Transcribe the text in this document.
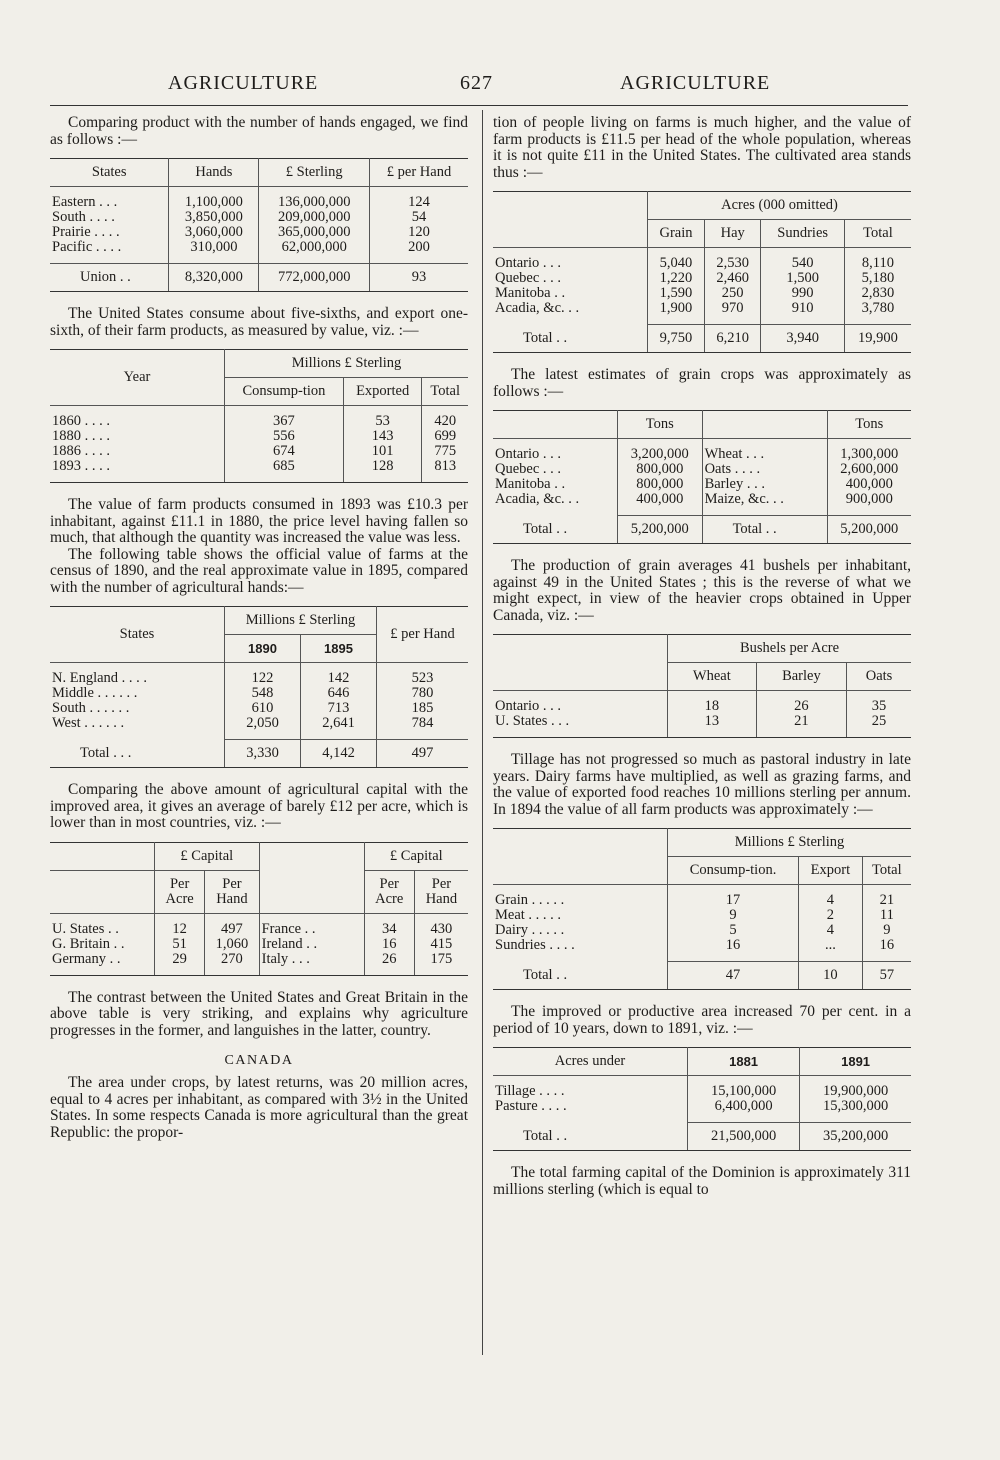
AGRICULTURE	627	AGRICULTURE

Comparing product with the number of hands engaged, we find as follows :—

States	Hands	£ Sterling	£ per Hand

Eastern . . .	1,100,000	136,000,000	124
South . . . .	3,850,000	209,000,000	54
Prairie . . . .	3,060,000	365,000,000	120
Pacific . . . .	310,000	62,000,000	200

Union . .	8,320,000	772,000,000	93

The United States consume about five-sixths, and export one-sixth, of their farm products, as measured by value, viz. :—

Year	Millions £ Sterling		
	Consump-tion	Exported	Total

1860 . . . .	367	53	420
1880 . . . .	556	143	699
1886 . . . .	674	101	775
1893 . . . .	685	128	813

The value of farm products consumed in 1893 was £10.3 per inhabitant, against £11.1 in 1880, the price level having fallen so much, that although the quantity was increased the value was less.

The following table shows the official value of farms at the census of 1890, and the real approximate value in 1895, compared with the number of agricultural hands:—

States	Millions £ Sterling		£ per Hand
	1890	1895	

N. England . . . .	122	142	523
Middle . . . . . .	548	646	780
South . . . . . .	610	713	185
West . . . . . .	2,050	2,641	784

Total . . .	3,330	4,142	497

Comparing the above amount of agricultural capital with the improved area, it gives an average of barely £12 per acre, which is lower than in most countries, viz. :—

	£ Capital			£ Capital	
	Per Acre	Per Hand		Per Acre	Per Hand

U. States . .	12	497	France . .	34	430
G. Britain . .	51	1,060	Ireland . .	16	415
Germany . .	29	270	Italy . . .	26	175

The contrast between the United States and Great Britain in the above table is very striking, and explains why agriculture progresses in the former, and languishes in the latter, country.

CANADA

The area under crops, by latest returns, was 20 million acres, equal to 4 acres per inhabitant, as compared with 3½ in the United States. In some respects Canada is more agricultural than the great Republic: the propor-

tion of people living on farms is much higher, and the value of farm products is £11.5 per head of the whole population, whereas it is not quite £11 in the United States. The cultivated area stands thus :—

	Acres (000 omitted)			
	Grain	Hay	Sundries	Total

Ontario . . .	5,040	2,530	540	8,110
Quebec . . .	1,220	2,460	1,500	5,180
Manitoba . .	1,590	250	990	2,830
Acadia, &c. . .	1,900	970	910	3,780

Total . .	9,750	6,210	3,940	19,900

The latest estimates of grain crops was approximately as follows :—

	Tons		Tons

Ontario . . .	3,200,000	Wheat . . .	1,300,000
Quebec . . .	800,000	Oats . . . .	2,600,000
Manitoba . .	800,000	Barley . . .	400,000
Acadia, &c. . .	400,000	Maize, &c. . .	900,000

Total . .	5,200,000	Total . .	5,200,000

The production of grain averages 41 bushels per inhabitant, against 49 in the United States ; this is the reverse of what we might expect, in view of the heavier crops obtained in Upper Canada, viz. :—

	Bushels per Acre		
	Wheat	Barley	Oats

Ontario . . .	18	26	35
U. States . . .	13	21	25

Tillage has not progressed so much as pastoral industry in late years. Dairy farms have multiplied, as well as grazing farms, and the value of exported food reaches 10 millions sterling per annum. In 1894 the value of all farm products was approximately :—

	Millions £ Sterling		
	Consump-tion.	Export	Total

Grain . . . . .	17	4	21
Meat . . . . .	9	2	11
Dairy . . . . .	5	4	9
Sundries . . . .	16	...	16

Total . .	47	10	57

The improved or productive area increased 70 per cent. in a period of 10 years, down to 1891, viz. :—

Acres under	1881	1891

Tillage . . . .	15,100,000	19,900,000
Pasture . . . .	6,400,000	15,300,000

Total . .	21,500,000	35,200,000

The total farming capital of the Dominion is approximately 311 millions sterling (which is equal to
